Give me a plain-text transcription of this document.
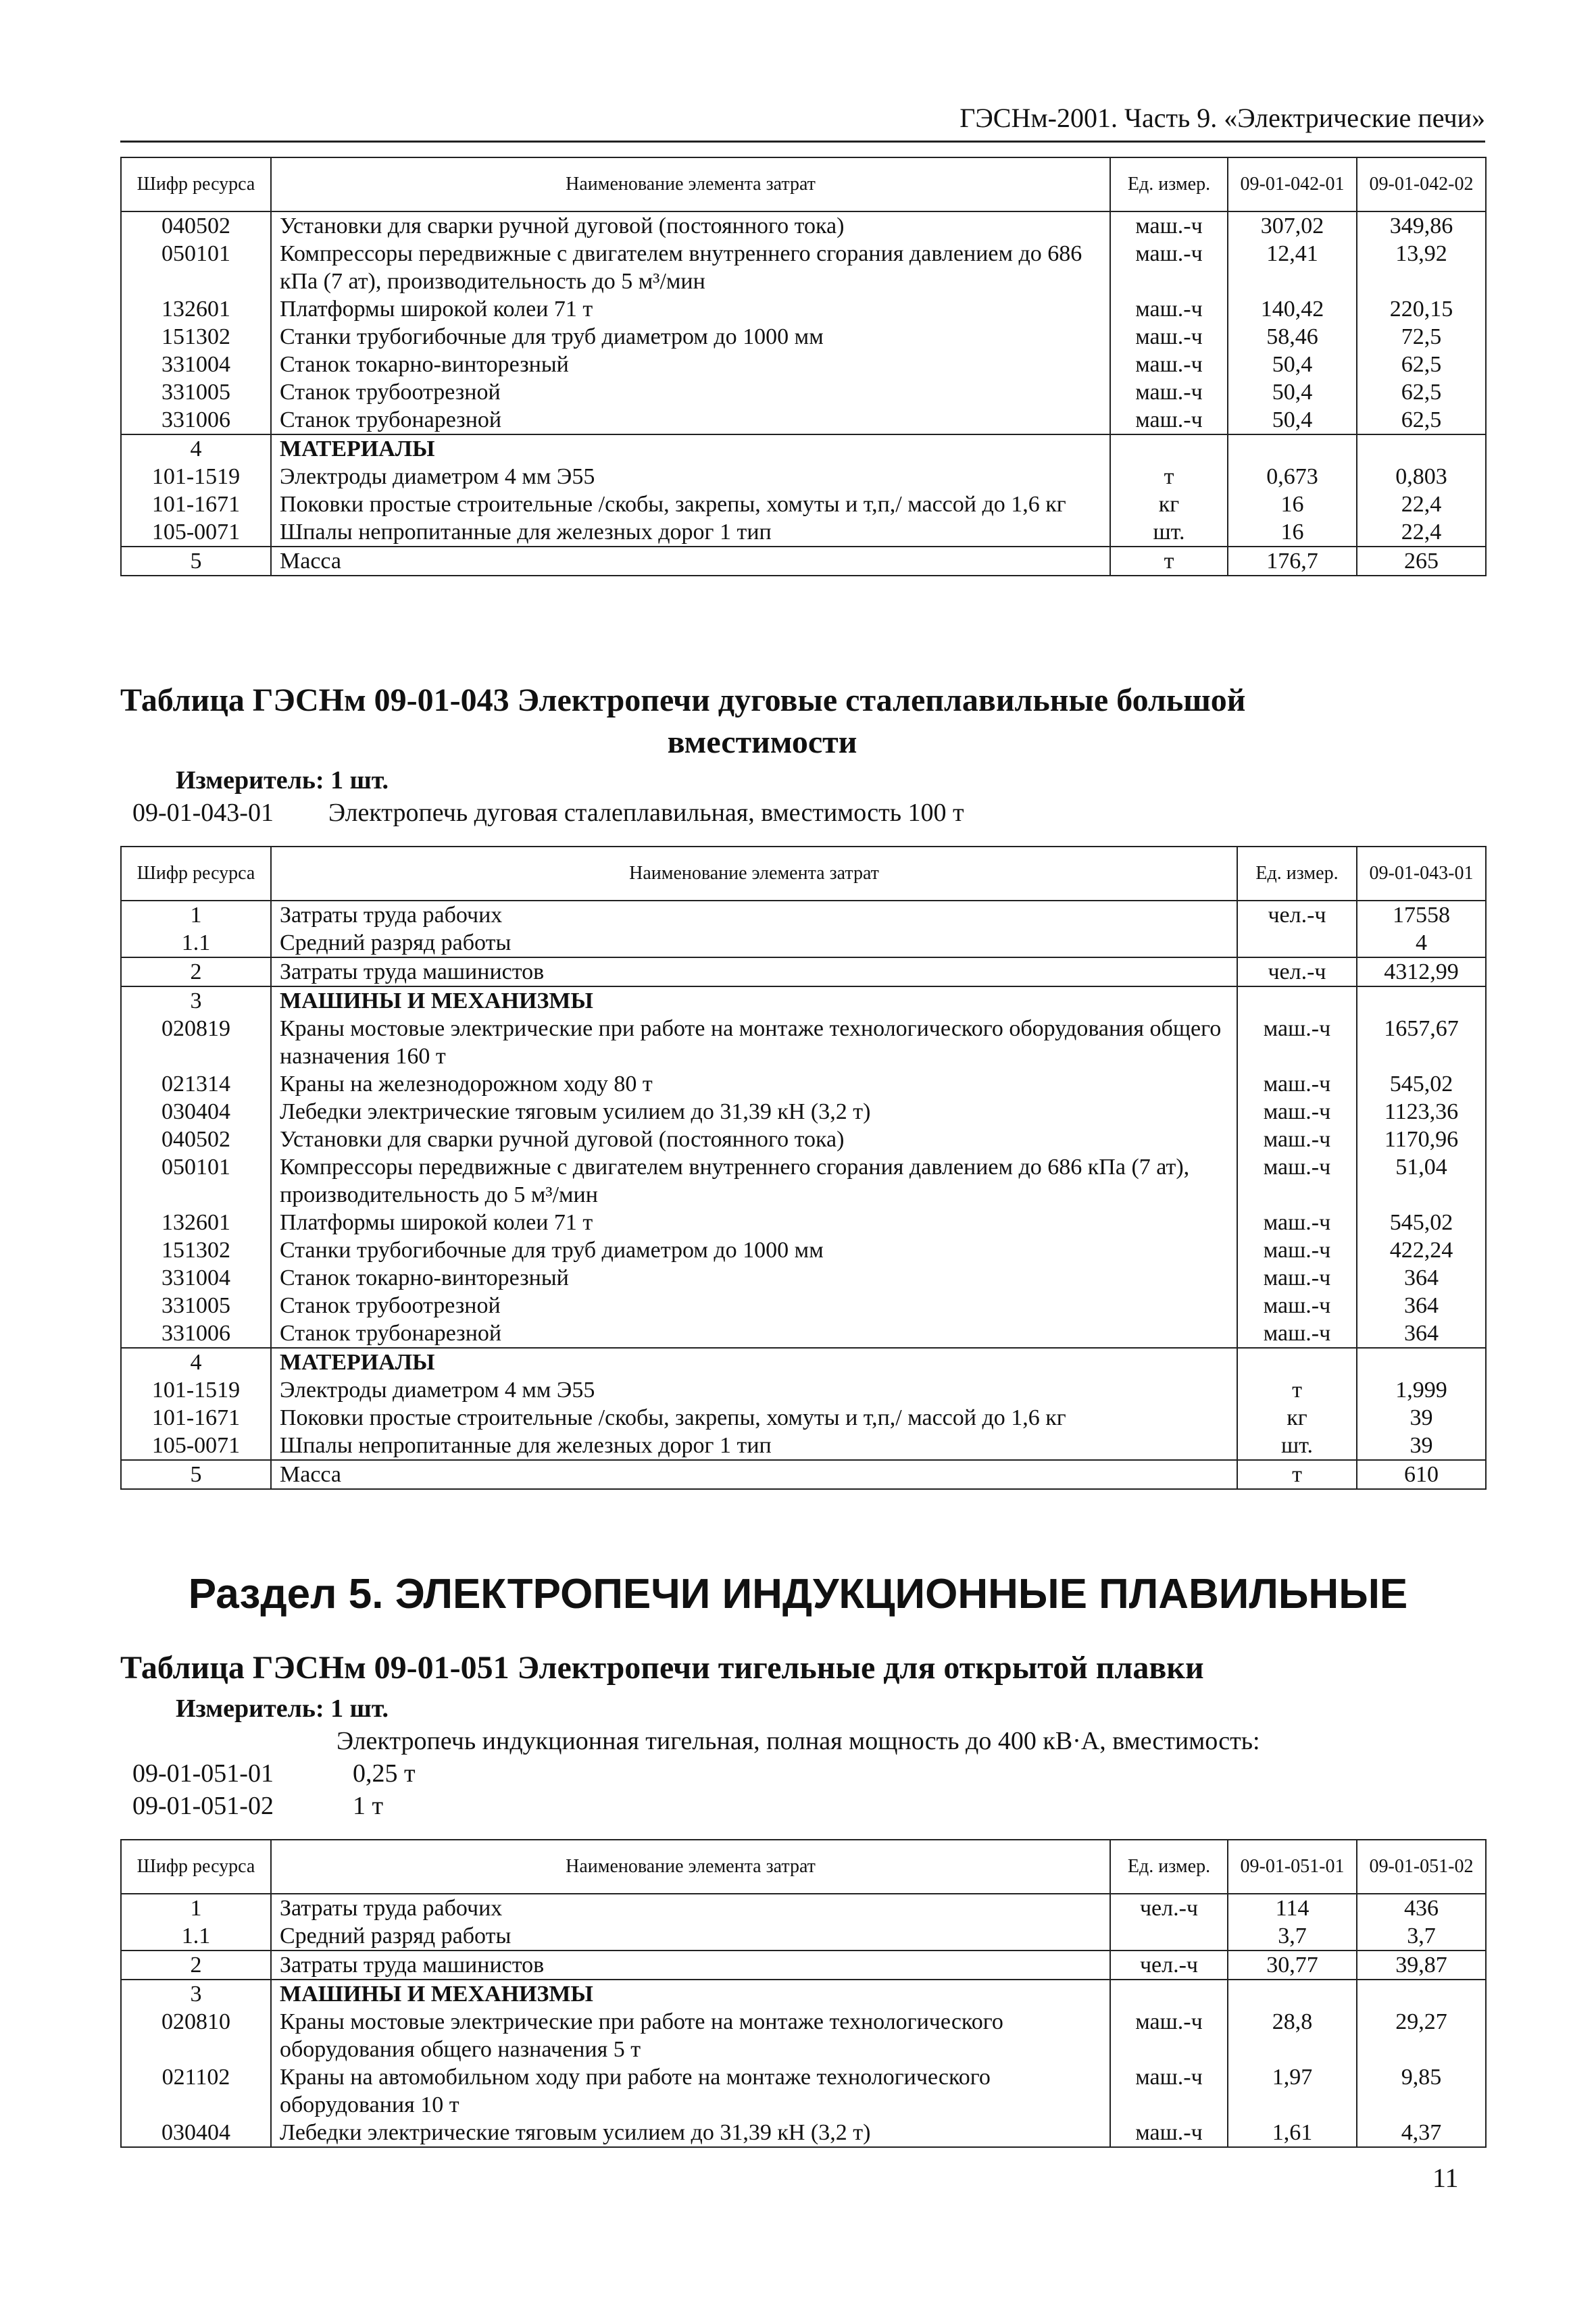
ГЭСНм-2001. Часть 9. «Электрические печи»
Шифр ресурса	Наименование элемента затрат	Ед. измер.	09-01-042-01	09-01-042-02
040502	Установки для сварки ручной дуговой (постоянного тока)	маш.-ч	307,02	349,86
050101	Компрессоры передвижные с двигателем внутреннего сгорания давлением до 686 кПа (7 ат), производительность до 5 м³/мин	маш.-ч	12,41	13,92
132601	Платформы широкой колеи 71 т	маш.-ч	140,42	220,15
151302	Станки трубогибочные для труб диаметром до 1000 мм	маш.-ч	58,46	72,5
331004	Станок токарно-винторезный	маш.-ч	50,4	62,5
331005	Станок трубоотрезной	маш.-ч	50,4	62,5
331006	Станок трубонарезной	маш.-ч	50,4	62,5
4	МАТЕРИАЛЫ			
101-1519	Электроды диаметром 4 мм Э55	т	0,673	0,803
101-1671	Поковки простые строительные /скобы, закрепы, хомуты и т,п,/ массой до 1,6 кг	кг	16	22,4
105-0071	Шпалы непропитанные для железных дорог 1 тип	шт.	16	22,4
5	Масса	т	176,7	265
Таблица ГЭСНм 09-01-043 Электропечи дуговые сталеплавильные большой
вместимости
Измеритель: 1 шт.
09-01-043-01 Электропечь дуговая сталеплавильная, вместимость 100 т
Шифр ресурса	Наименование элемента затрат	Ед. измер.	09-01-043-01
1	Затраты труда рабочих	чел.-ч	17558
1.1	Средний разряд работы		4
2	Затраты труда машинистов	чел.-ч	4312,99
3	МАШИНЫ И МЕХАНИЗМЫ		
020819	Краны мостовые электрические при работе на монтаже технологического оборудования общего назначения 160 т	маш.-ч	1657,67
021314	Краны на железнодорожном ходу 80 т	маш.-ч	545,02
030404	Лебедки электрические тяговым усилием до 31,39 кН (3,2 т)	маш.-ч	1123,36
040502	Установки для сварки ручной дуговой (постоянного тока)	маш.-ч	1170,96
050101	Компрессоры передвижные с двигателем внутреннего сгорания давлением до 686 кПа (7 ат), производительность до 5 м³/мин	маш.-ч	51,04
132601	Платформы широкой колеи 71 т	маш.-ч	545,02
151302	Станки трубогибочные для труб диаметром до 1000 мм	маш.-ч	422,24
331004	Станок токарно-винторезный	маш.-ч	364
331005	Станок трубоотрезной	маш.-ч	364
331006	Станок трубонарезной	маш.-ч	364
4	МАТЕРИАЛЫ		
101-1519	Электроды диаметром 4 мм Э55	т	1,999
101-1671	Поковки простые строительные /скобы, закрепы, хомуты и т,п,/ массой до 1,6 кг	кг	39
105-0071	Шпалы непропитанные для железных дорог 1 тип	шт.	39
5	Масса	т	610
Раздел 5. ЭЛЕКТРОПЕЧИ ИНДУКЦИОННЫЕ ПЛАВИЛЬНЫЕ
Таблица ГЭСНм 09-01-051 Электропечи тигельные для открытой плавки
Измеритель: 1 шт.
Электропечь индукционная тигельная, полная мощность до 400 кВ·А, вместимость:
09-01-051-01	0,25 т
09-01-051-02	1 т
Шифр ресурса	Наименование элемента затрат	Ед. измер.	09-01-051-01	09-01-051-02
1	Затраты труда рабочих	чел.-ч	114	436
1.1	Средний разряд работы		3,7	3,7
2	Затраты труда машинистов	чел.-ч	30,77	39,87
3	МАШИНЫ И МЕХАНИЗМЫ			
020810	Краны мостовые электрические при работе на монтаже технологического оборудования общего назначения 5 т	маш.-ч	28,8	29,27
021102	Краны на автомобильном ходу при работе на монтаже технологического оборудования 10 т	маш.-ч	1,97	9,85
030404	Лебедки электрические тяговым усилием до 31,39 кН (3,2 т)	маш.-ч	1,61	4,37
11
